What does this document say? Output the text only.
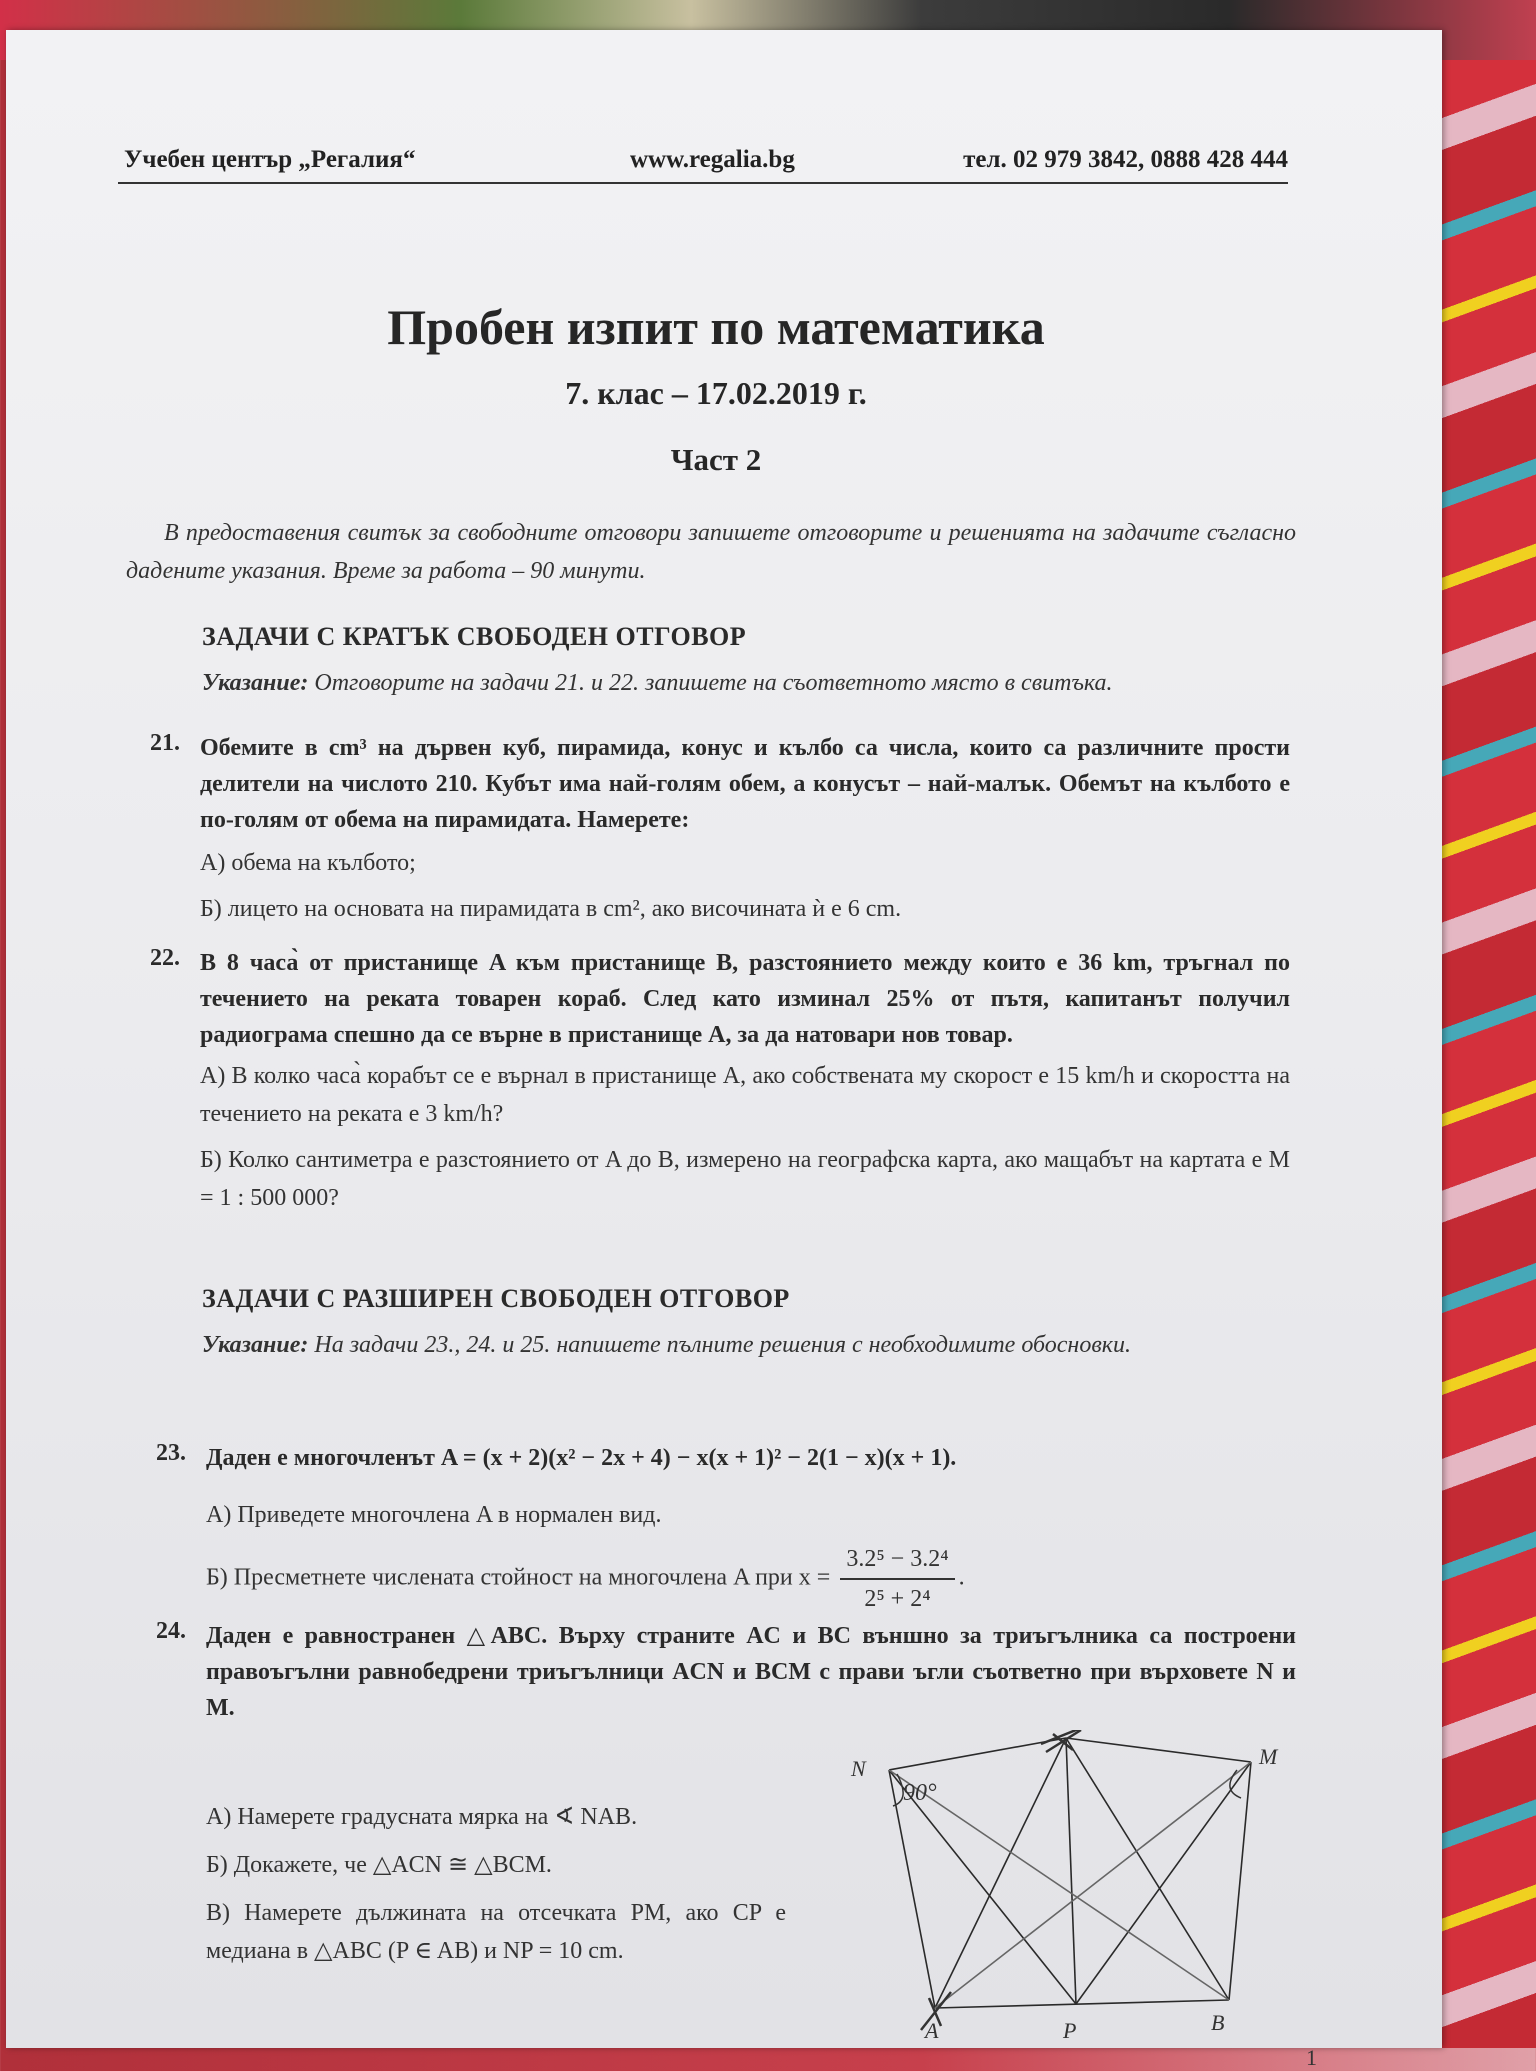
Учебен център „Регалия“	www.regalia.bg	тел. 02 979 3842, 0888 428 444
Пробен изпит по математика
7. клас – 17.02.2019 г.
Част 2
В предоставения свитък за свободните отговори запишете отговорите и решенията на задачите съгласно дадените указания. Време за работа – 90 минути.
ЗАДАЧИ С КРАТЪК СВОБОДЕН ОТГОВОР
Указание: Отговорите на задачи 21. и 22. запишете на съответното място в свитъка.
21. Обемите в cm³ на дървен куб, пирамида, конус и кълбо са числа, които са различните прости делители на числото 210. Кубът има най-голям обем, а конусът – най-малък. Обемът на кълбото е по-голям от обема на пирамидата. Намерете:
А) обема на кълбото;
Б) лицето на основата на пирамидата в cm², ако височината ѝ е 6 cm.
22. В 8 часа̀ от пристанище A към пристанище B, разстоянието между които е 36 km, тръгнал по течението на реката товарен кораб. След като изминал 25% от пътя, капитанът получил радиограма спешно да се върне в пристанище A, за да натовари нов товар.
А) В колко часа̀ корабът се е върнал в пристанище A, ако собствената му скорост е 15 km/h и скоростта на течението на реката е 3 km/h?
Б) Колко сантиметра е разстоянието от A до B, измерено на географска карта, ако мащабът на картата е M = 1 : 500 000?
ЗАДАЧИ С РАЗШИРЕН СВОБОДЕН ОТГОВОР
Указание: На задачи 23., 24. и 25. напишете пълните решения с необходимите обосновки.
23. Даден е многочленът A = (x + 2)(x² − 2x + 4) − x(x + 1)² − 2(1 − x)(x + 1).
А) Приведете многочлена A в нормален вид.
Б) Пресметнете числената стойност на многочлена A при $x = \frac{\text{3.2⁵ − 3.2⁴}}{\text{2⁵ + 2⁴}}$ .
24. Даден е равностранен △ABC. Върху страните AC и BC външно за триъгълника са построени правоъгълни равнобедрени триъгълници ACN и BCM с прави ъгли съответно при върховете N и M.
А) Намерете градусната мярка на ∢ NAB.
Б) Докажете, че △ACN ≅ △BCM.
В) Намерете дължината на отсечката PM, ако CP е медиана в △ABC (P ∈ AB) и NP = 10 cm.
N	M
A	B
P
90°
1
